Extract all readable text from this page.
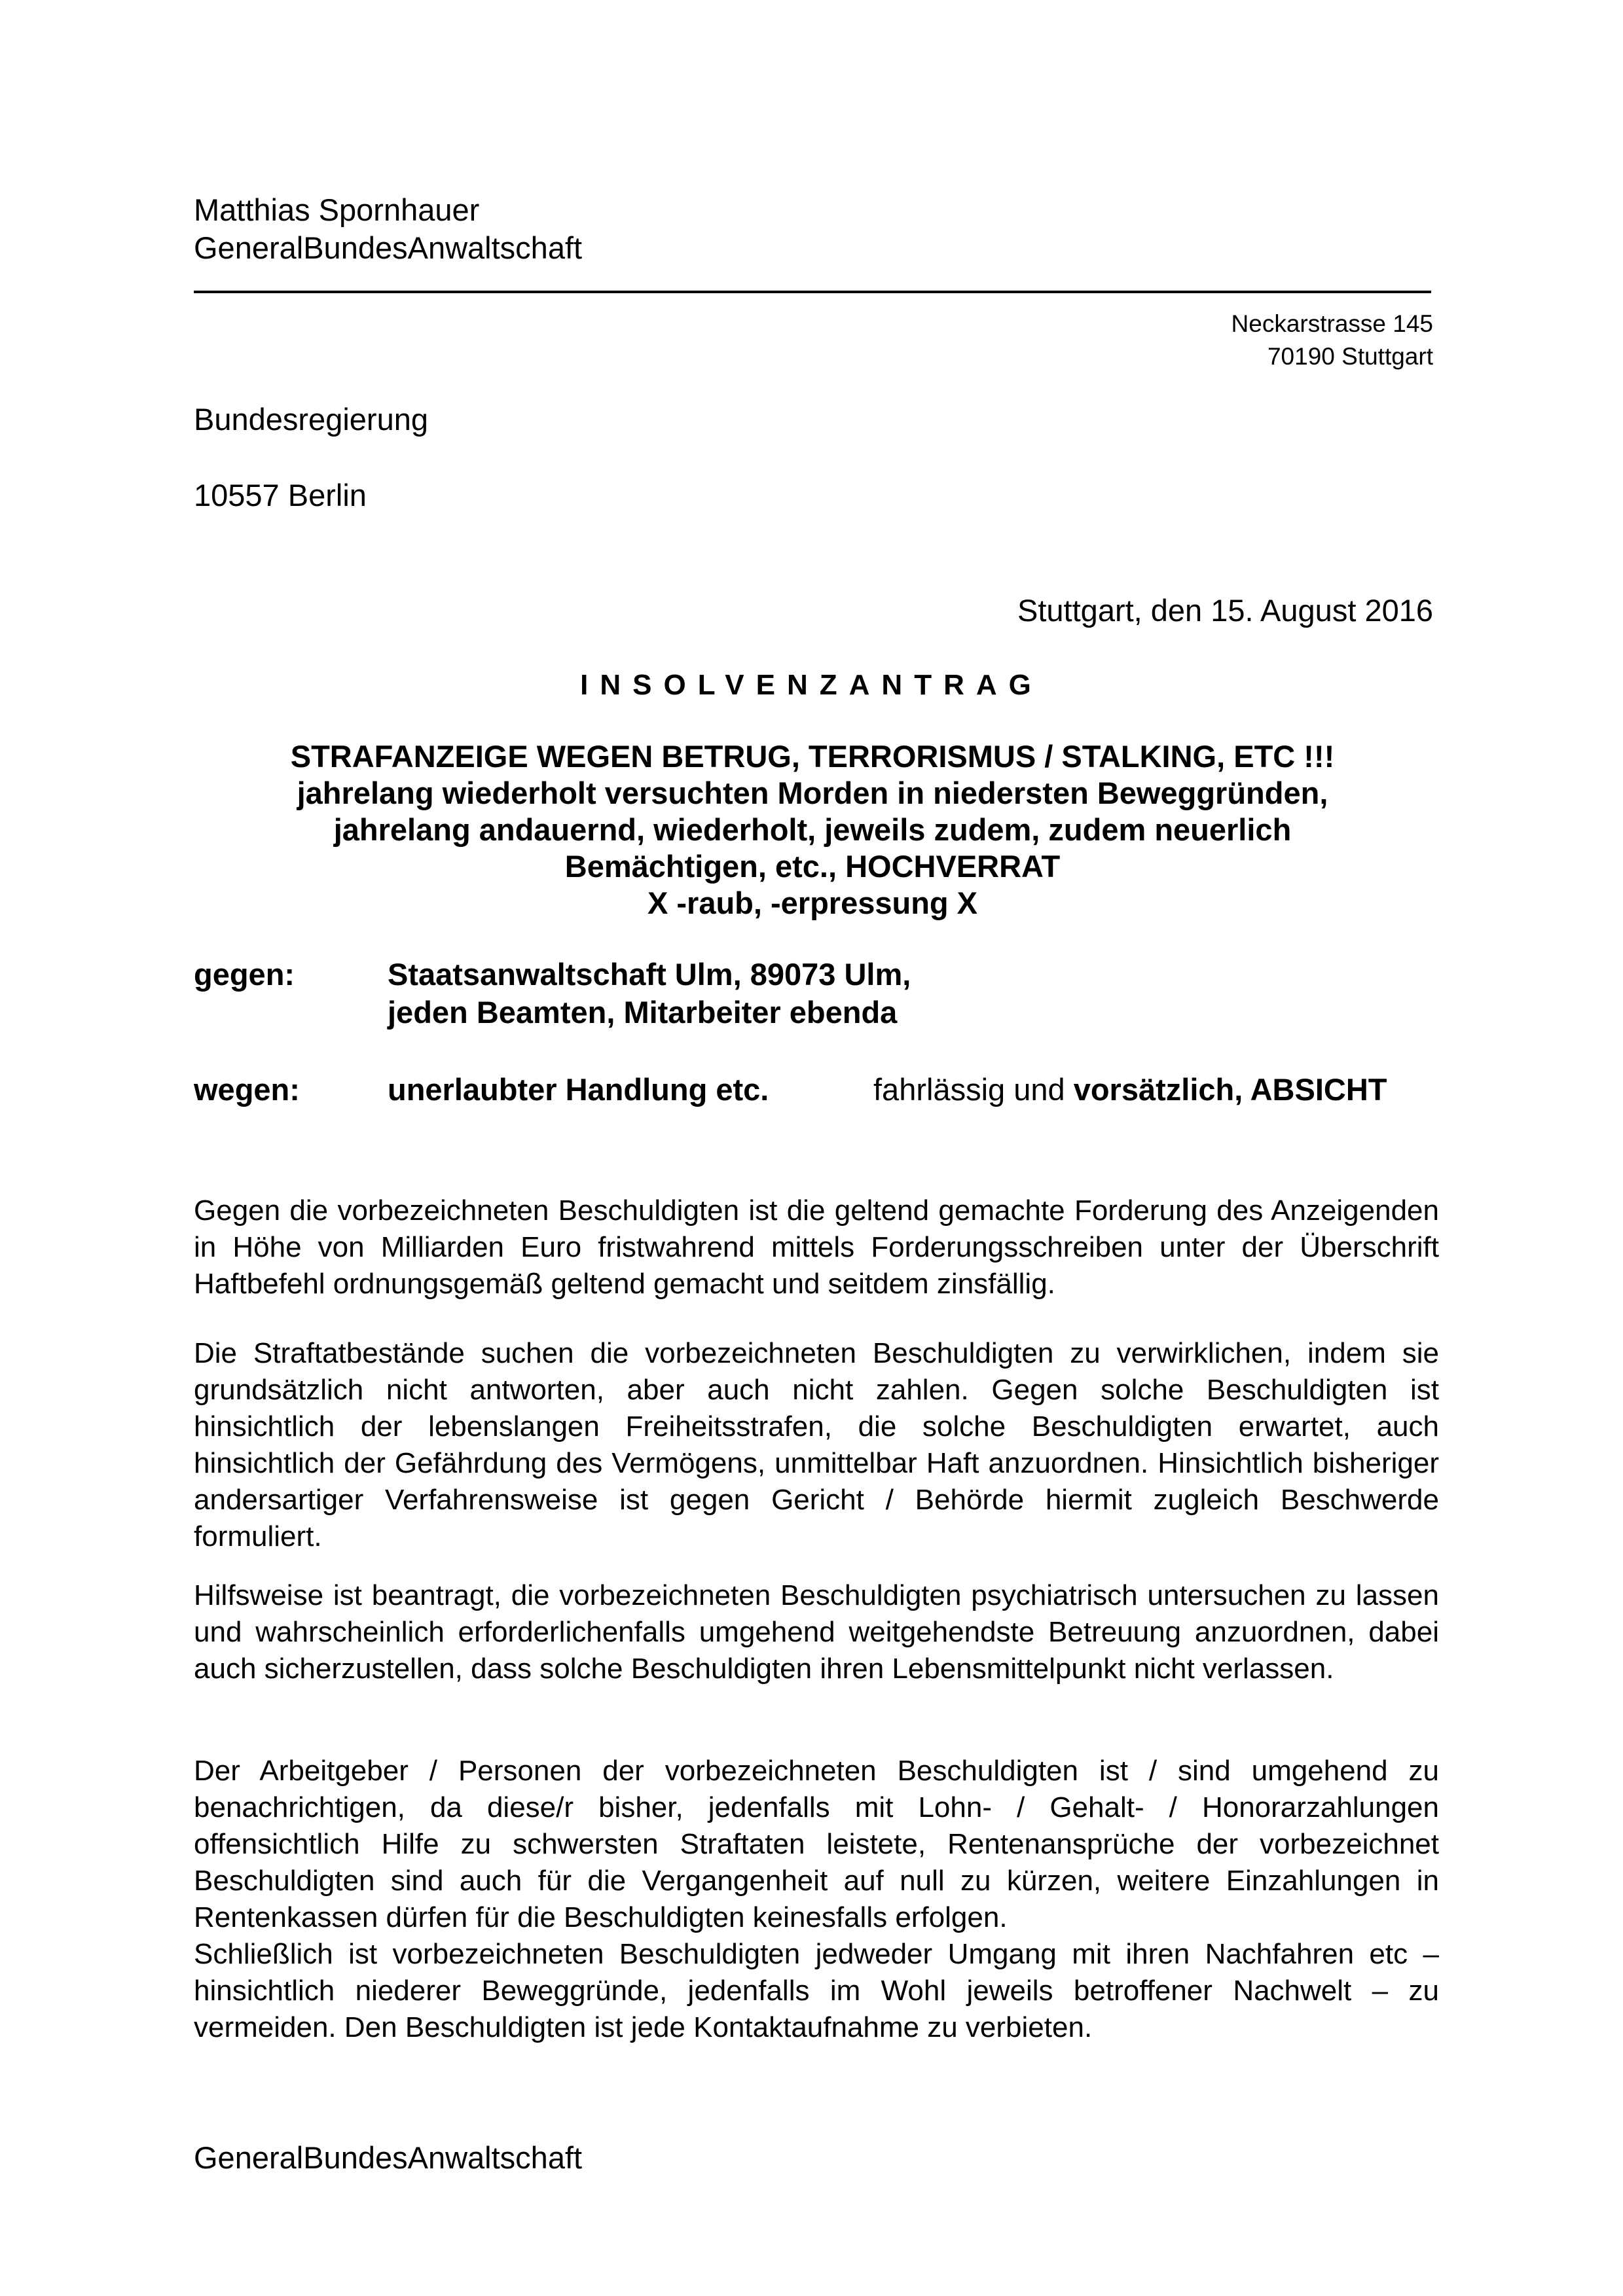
Matthias Spornhauer
GeneralBundesAnwaltschaft
Neckarstrasse 145
70190 Stuttgart
Bundesregierung
10557 Berlin
Stuttgart, den 15. August 2016
INSOLVENZANTRAG
STRAFANZEIGE WEGEN BETRUG, TERRORISMUS / STALKING, ETC !!!
jahrelang wiederholt versuchten Morden in niedersten Beweggründen,
jahrelang andauernd, wiederholt, jeweils zudem, zudem neuerlich
Bemächtigen, etc., HOCHVERRAT
X -raub, -erpressung X
gegen:	Staatsanwaltschaft Ulm, 89073 Ulm,
jeden Beamten, Mitarbeiter ebenda
wegen:	unerlaubter Handlung etc.	fahrlässig und vorsätzlich, ABSICHT

Gegen die vorbezeichneten Beschuldigten ist die geltend gemachte Forderung des Anzeigenden in Höhe von Milliarden Euro fristwahrend mittels Forderungsschreiben unter der Überschrift Haftbefehl ordnungsgemäß geltend gemacht und seitdem zinsfällig.

Die Straftatbestände suchen die vorbezeichneten Beschuldigten zu verwirklichen, indem sie grundsätzlich nicht antworten, aber auch nicht zahlen. Gegen solche Beschuldigten ist hinsichtlich der lebenslangen Freiheitsstrafen, die solche Beschuldigten erwartet, auch hinsichtlich der Gefährdung des Vermögens, unmittelbar Haft anzuordnen. Hinsichtlich bisheriger andersartiger Verfahrensweise ist gegen Gericht / Behörde hiermit zugleich Beschwerde formuliert.

Hilfsweise ist beantragt, die vorbezeichneten Beschuldigten psychiatrisch untersuchen zu lassen und wahrscheinlich erforderlichenfalls umgehend weitgehendste Betreuung anzuordnen, dabei auch sicherzustellen, dass solche Beschuldigten ihren Lebensmittelpunkt nicht verlassen.

Der Arbeitgeber / Personen der vorbezeichneten Beschuldigten ist / sind umgehend zu benachrichtigen, da diese/r bisher, jedenfalls mit Lohn- / Gehalt- / Honorarzahlungen offensichtlich Hilfe zu schwersten Straftaten leistete, Rentenansprüche der vorbezeichnet Beschuldigten sind auch für die Vergangenheit auf null zu kürzen, weitere Einzahlungen in Rentenkassen dürfen für die Beschuldigten keinesfalls erfolgen.

Schließlich ist vorbezeichneten Beschuldigten jedweder Umgang mit ihren Nachfahren etc – hinsichtlich niederer Beweggründe, jedenfalls im Wohl jeweils betroffener Nachwelt – zu vermeiden. Den Beschuldigten ist jede Kontaktaufnahme zu verbieten.

GeneralBundesAnwaltschaft
